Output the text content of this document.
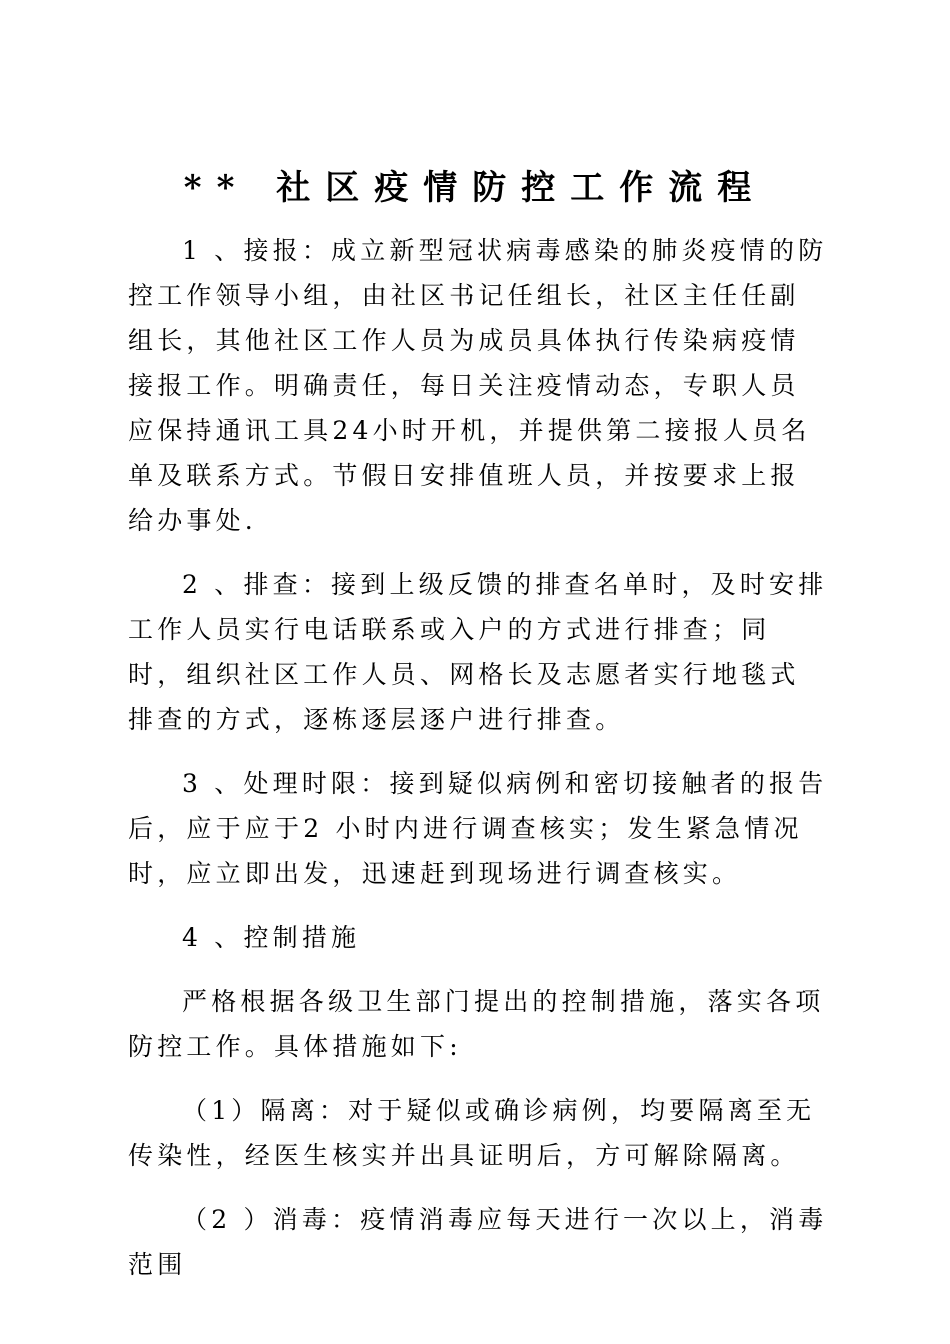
** 社区疫情防控工作流程

1 、接报：成立新型冠状病毒感染的肺炎疫情的防控工作领导小组，由社区书记任组长，社区主任任副组长，其他社区工作人员为成员具体执行传染病疫情接报工作。明确责任，每日关注疫情动态，专职人员应保持通讯工具24小时开机，并提供第二接报人员名单及联系方式。节假日安排值班人员，并按要求上报给办事处.

2 、排查：接到上级反馈的排查名单时，及时安排工作人员实行电话联系或入户的方式进行排查；同时，组织社区工作人员、网格长及志愿者实行地毯式排查的方式，逐栋逐层逐户进行排查。

3 、处理时限：接到疑似病例和密切接触者的报告后，应于应于2 小时内进行调查核实；发生紧急情况时，应立即出发，迅速赶到现场进行调查核实。

4 、控制措施

严格根据各级卫生部门提出的控制措施，落实各项防控工作。具体措施如下:

（1）隔离：对于疑似或确诊病例，均要隔离至无传染性，经医生核实并出具证明后，方可解除隔离。

（2 ）消毒：疫情消毒应每天进行一次以上，消毒范围
